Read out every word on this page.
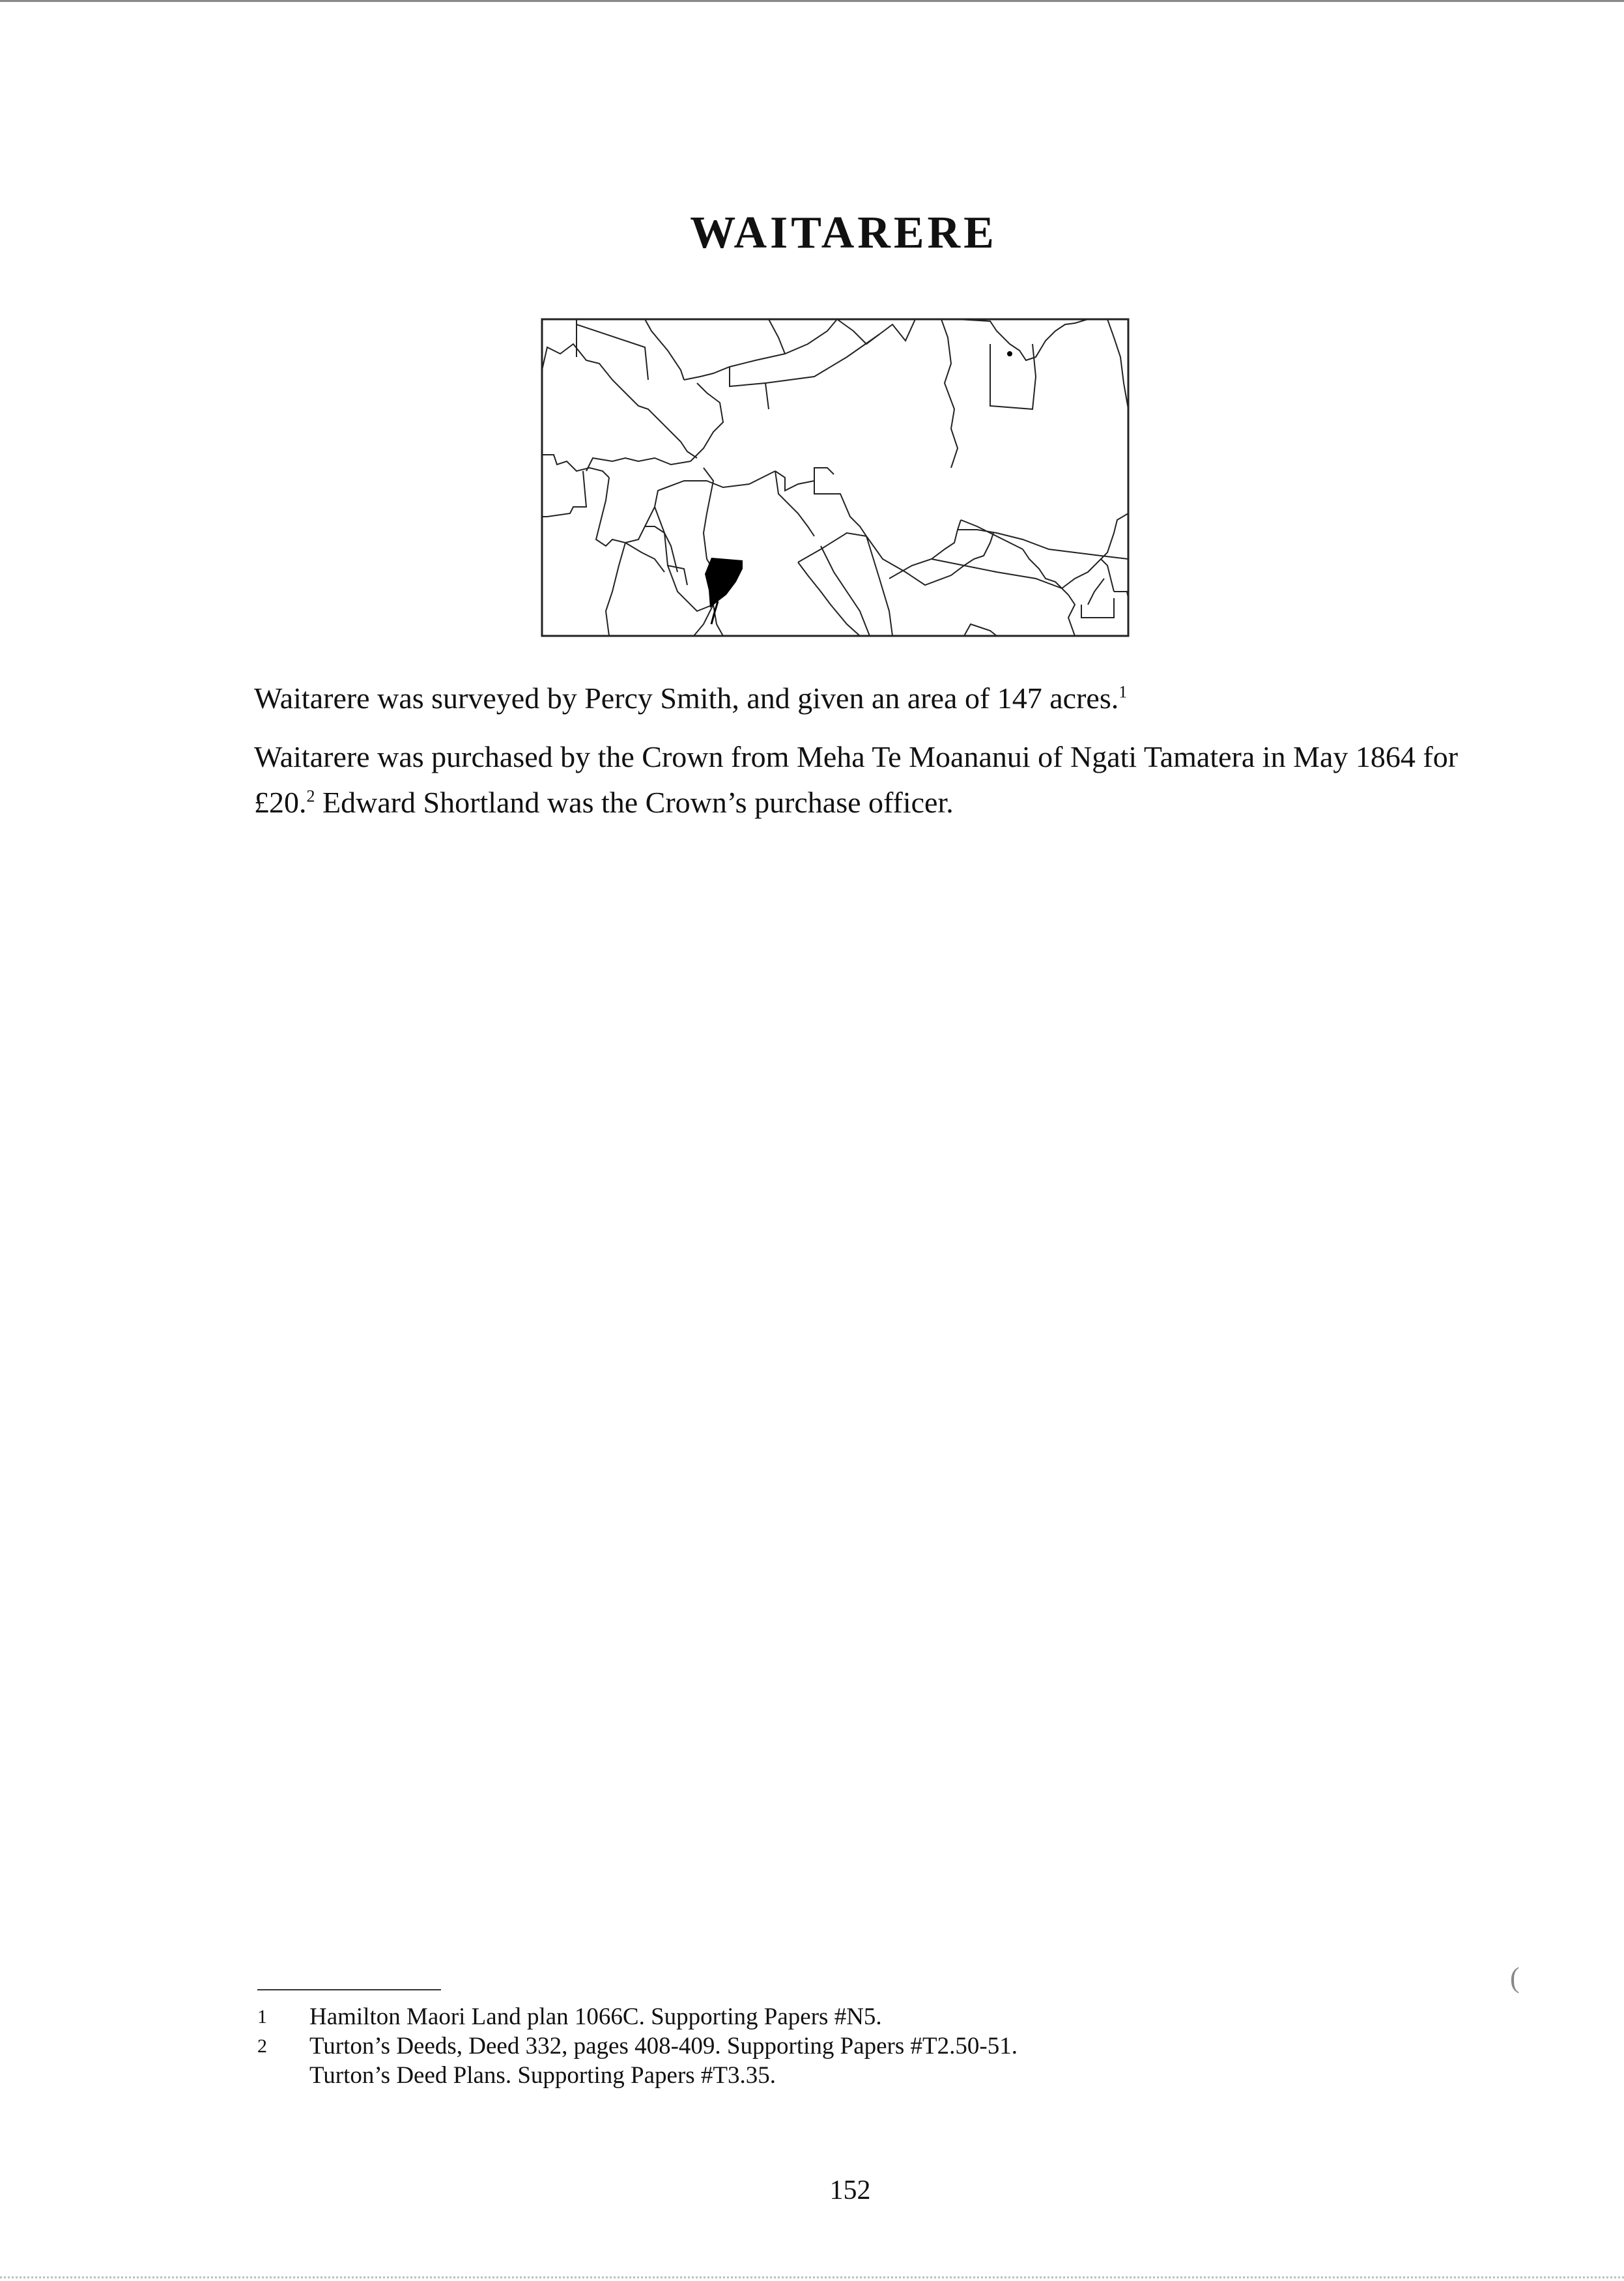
WAITARERE

Waitarere was surveyed by Percy Smith, and given an area of 147 acres.$^1$

Waitarere was purchased by the Crown from Meha Te Moananui of Ngati Tamatera in May 1864 for £20.$^2$ Edward Shortland was the Crown’s purchase officer.

(
1	Hamilton Maori Land plan 1066C. Supporting Papers #N5.
2	Turton’s Deeds, Deed 332, pages 408-409. Supporting Papers #T2.50-51.
Turton’s Deed Plans. Supporting Papers #T3.35.
152
